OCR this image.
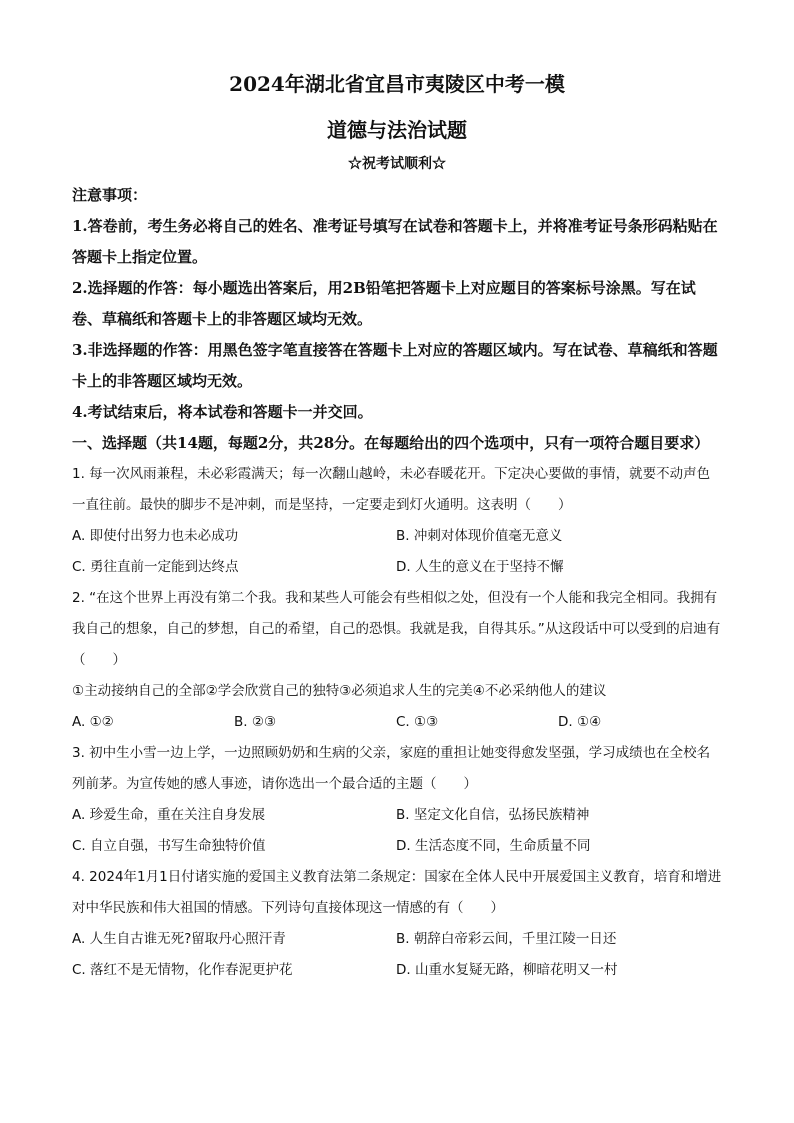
2024年湖北省宜昌市夷陵区中考一模
道德与法治试题
☆祝考试顺利☆

注意事项：

1.答卷前，考生务必将自己的姓名、准考证号填写在试卷和答题卡上，并将准考证号条形码粘贴在答题卡上指定位置。

2.选择题的作答：每小题选出答案后，用2B铅笔把答题卡上对应题目的答案标号涂黑。写在试卷、草稿纸和答题卡上的非答题区域均无效。

3.非选择题的作答：用黑色签字笔直接答在答题卡上对应的答题区域内。写在试卷、草稿纸和答题卡上的非答题区域均无效。

4.考试结束后，将本试卷和答题卡一并交回。

一、选择题（共14题，每题2分，共28分。在每题给出的四个选项中，只有一项符合题目要求）

1. 每一次风雨兼程，未必彩霞满天；每一次翻山越岭，未必春暖花开。下定决心要做的事情，就要不动声色一直往前。最快的脚步不是冲刺，而是坚持，一定要走到灯火通明。这表明（　　）

A. 即使付出努力也未必成功	B. 冲刺对体现价值毫无意义
C. 勇往直前一定能到达终点	D. 人生的意义在于坚持不懈

2. “在这个世界上再没有第二个我。我和某些人可能会有些相似之处，但没有一个人能和我完全相同。我拥有我自己的想象，自己的梦想，自己的希望，自己的恐惧。我就是我，自得其乐。”从这段话中可以受到的启迪有（　　）

①主动接纳自己的全部②学会欣赏自己的独特③必须追求人生的完美④不必采纳他人的建议

A. ①②	B. ②③	C. ①③	D. ①④

3. 初中生小雪一边上学，一边照顾奶奶和生病的父亲，家庭的重担让她变得愈发坚强，学习成绩也在全校名列前茅。为宣传她的感人事迹，请你选出一个最合适的主题（　　）

A. 珍爱生命，重在关注自身发展	B. 坚定文化自信，弘扬民族精神
C. 自立自强，书写生命独特价值	D. 生活态度不同，生命质量不同

4. 2024年1月1日付诸实施的爱国主义教育法第二条规定：国家在全体人民中开展爱国主义教育，培育和增进对中华民族和伟大祖国的情感。下列诗句直接体现这一情感的有（　　）

A. 人生自古谁无死?留取丹心照汗青	B. 朝辞白帝彩云间，千里江陵一日还
C. 落红不是无情物，化作春泥更护花	D. 山重水复疑无路，柳暗花明又一村
